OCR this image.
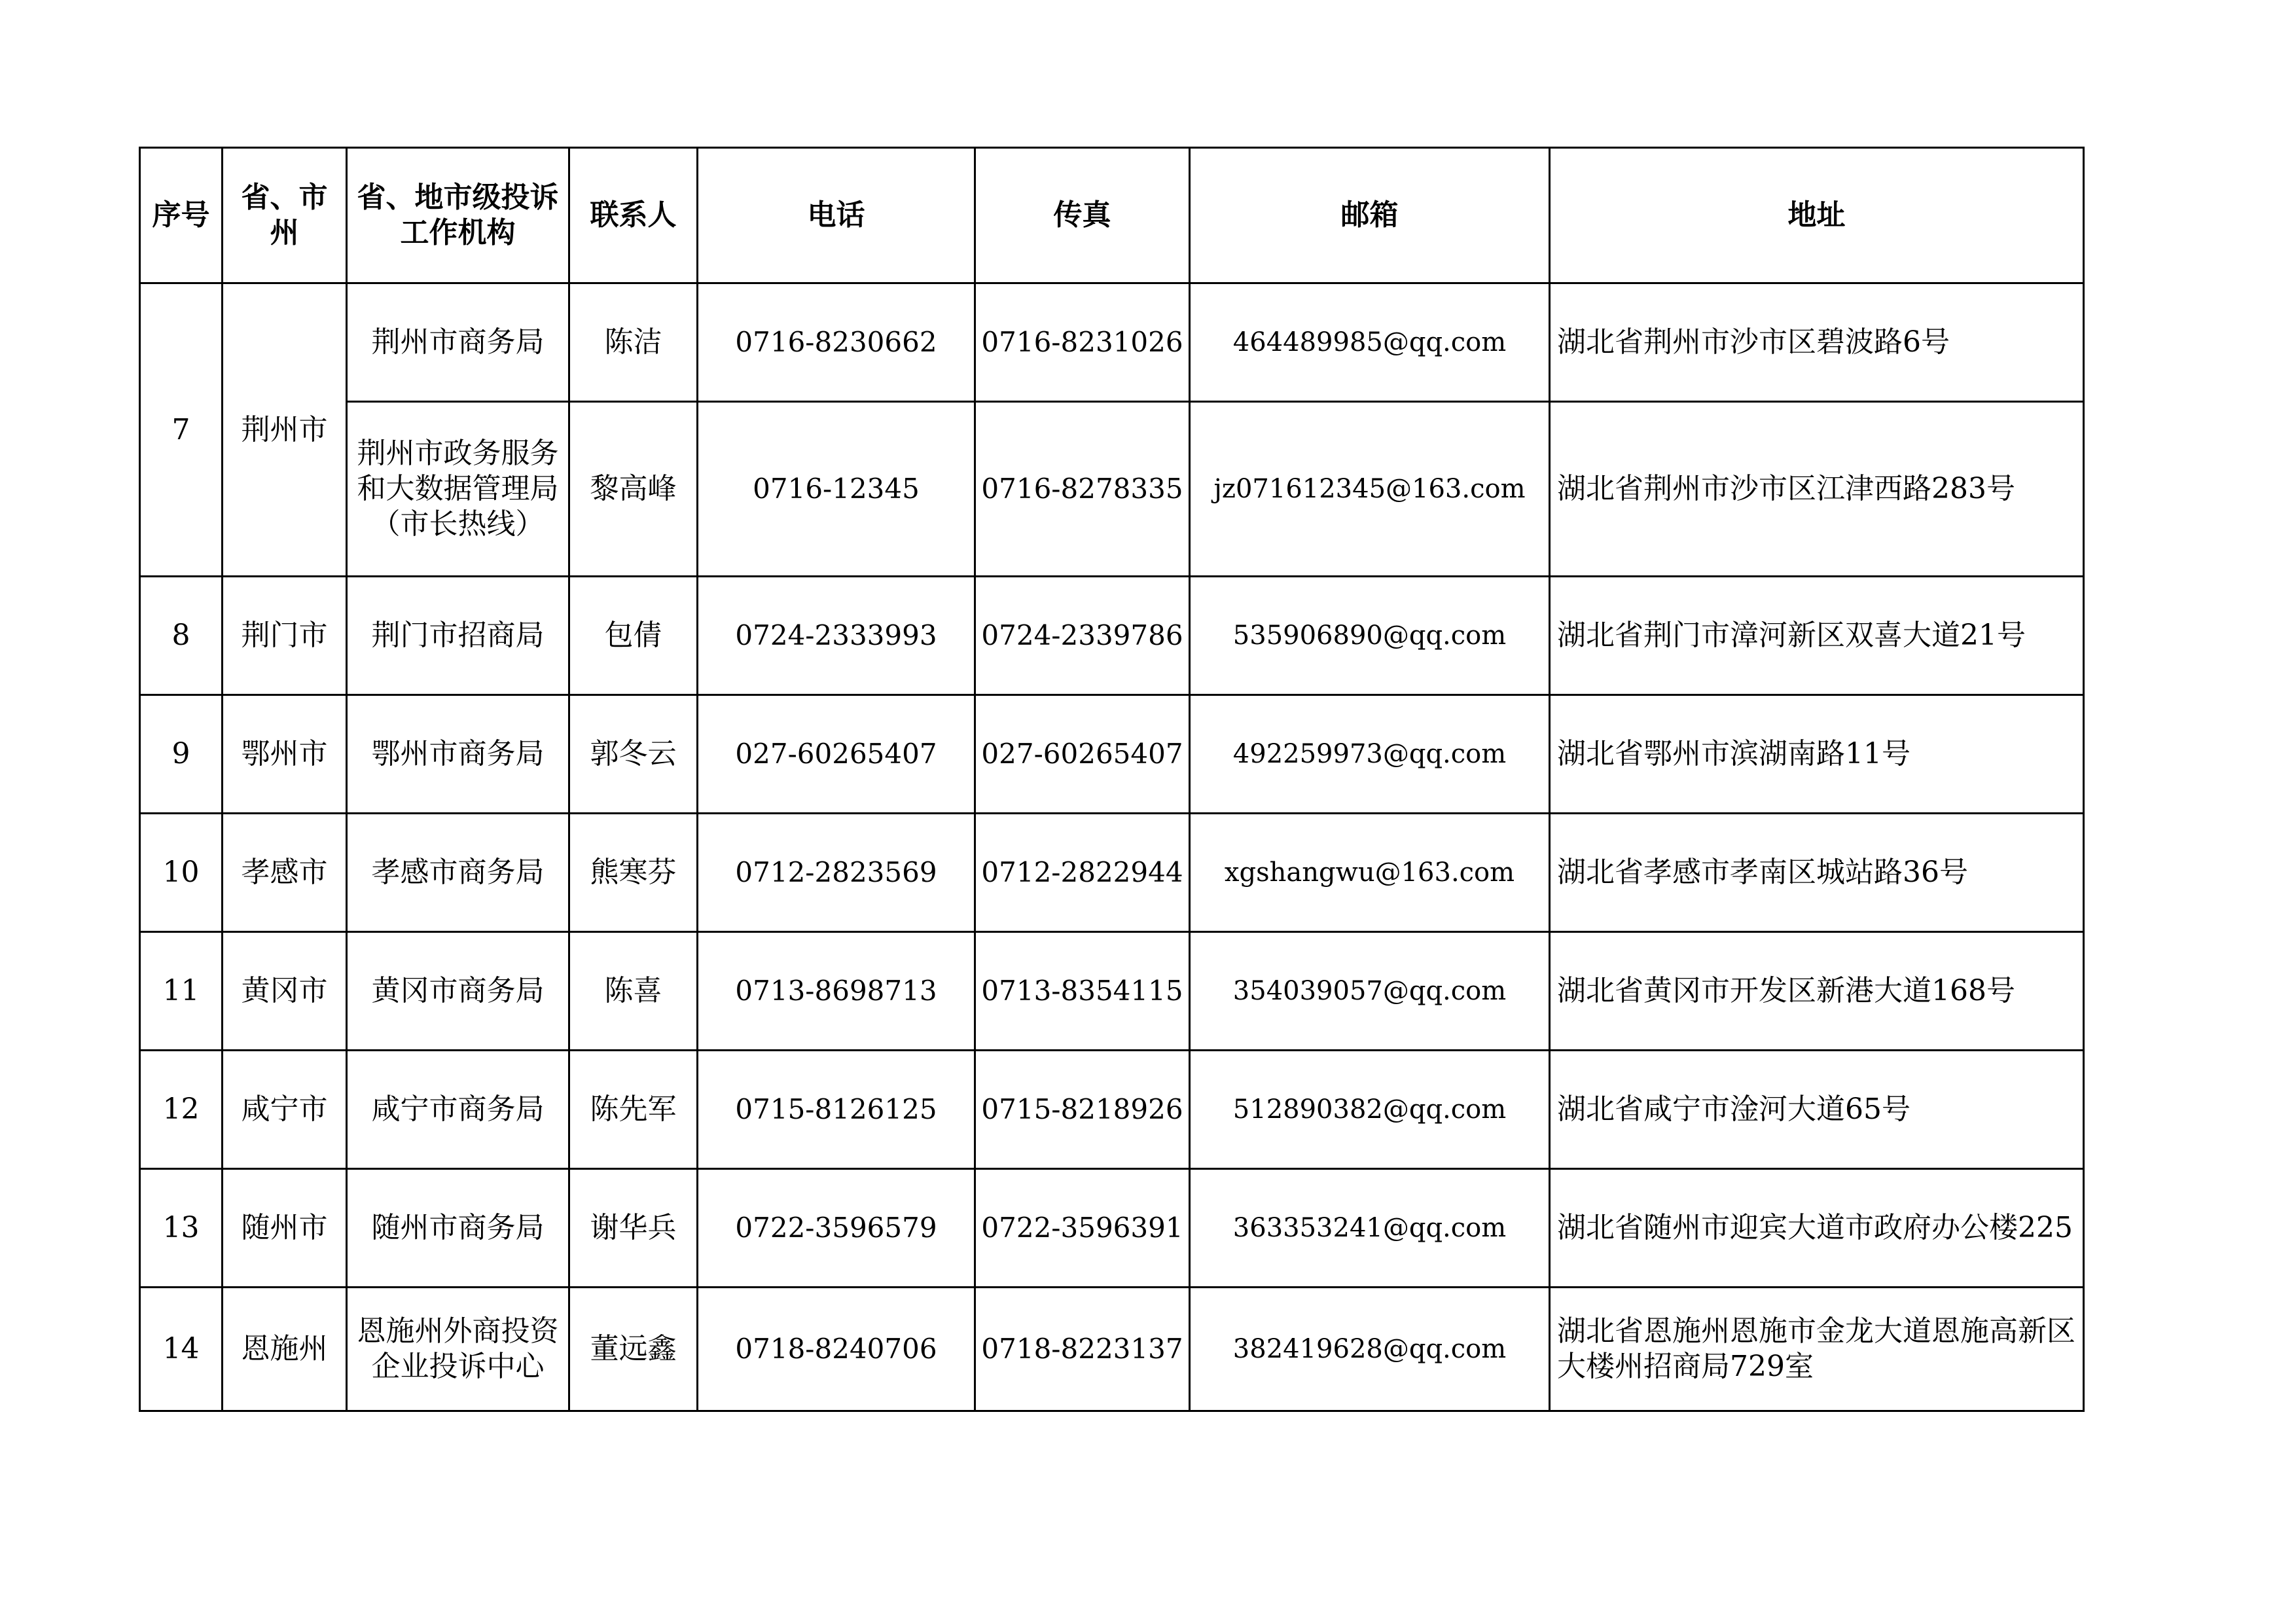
序号	省、市州	省、地市级投诉工作机构	联系人	电话	传真	邮箱	地址
7	荆州市	荆州市商务局	陈洁	0716-8230662	0716-8231026	464489985@qq.com	湖北省荆州市沙市区碧波路6号
		荆州市政务服务和大数据管理局（市长热线）	黎高峰	0716-12345	0716-8278335	jz071612345@163.com	湖北省荆州市沙市区江津西路283号
8	荆门市	荆门市招商局	包倩	0724-2333993	0724-2339786	535906890@qq.com	湖北省荆门市漳河新区双喜大道21号
9	鄂州市	鄂州市商务局	郭冬云	027-60265407	027-60265407	492259973@qq.com	湖北省鄂州市滨湖南路11号
10	孝感市	孝感市商务局	熊寒芬	0712-2823569	0712-2822944	xgshangwu@163.com	湖北省孝感市孝南区城站路36号
11	黄冈市	黄冈市商务局	陈喜	0713-8698713	0713-8354115	354039057@qq.com	湖北省黄冈市开发区新港大道168号
12	咸宁市	咸宁市商务局	陈先军	0715-8126125	0715-8218926	512890382@qq.com	湖北省咸宁市淦河大道65号
13	随州市	随州市商务局	谢华兵	0722-3596579	0722-3596391	363353241@qq.com	湖北省随州市迎宾大道市政府办公楼225
14	恩施州	恩施州外商投资企业投诉中心	董远鑫	0718-8240706	0718-8223137	382419628@qq.com	湖北省恩施州恩施市金龙大道恩施高新区大楼州招商局729室
